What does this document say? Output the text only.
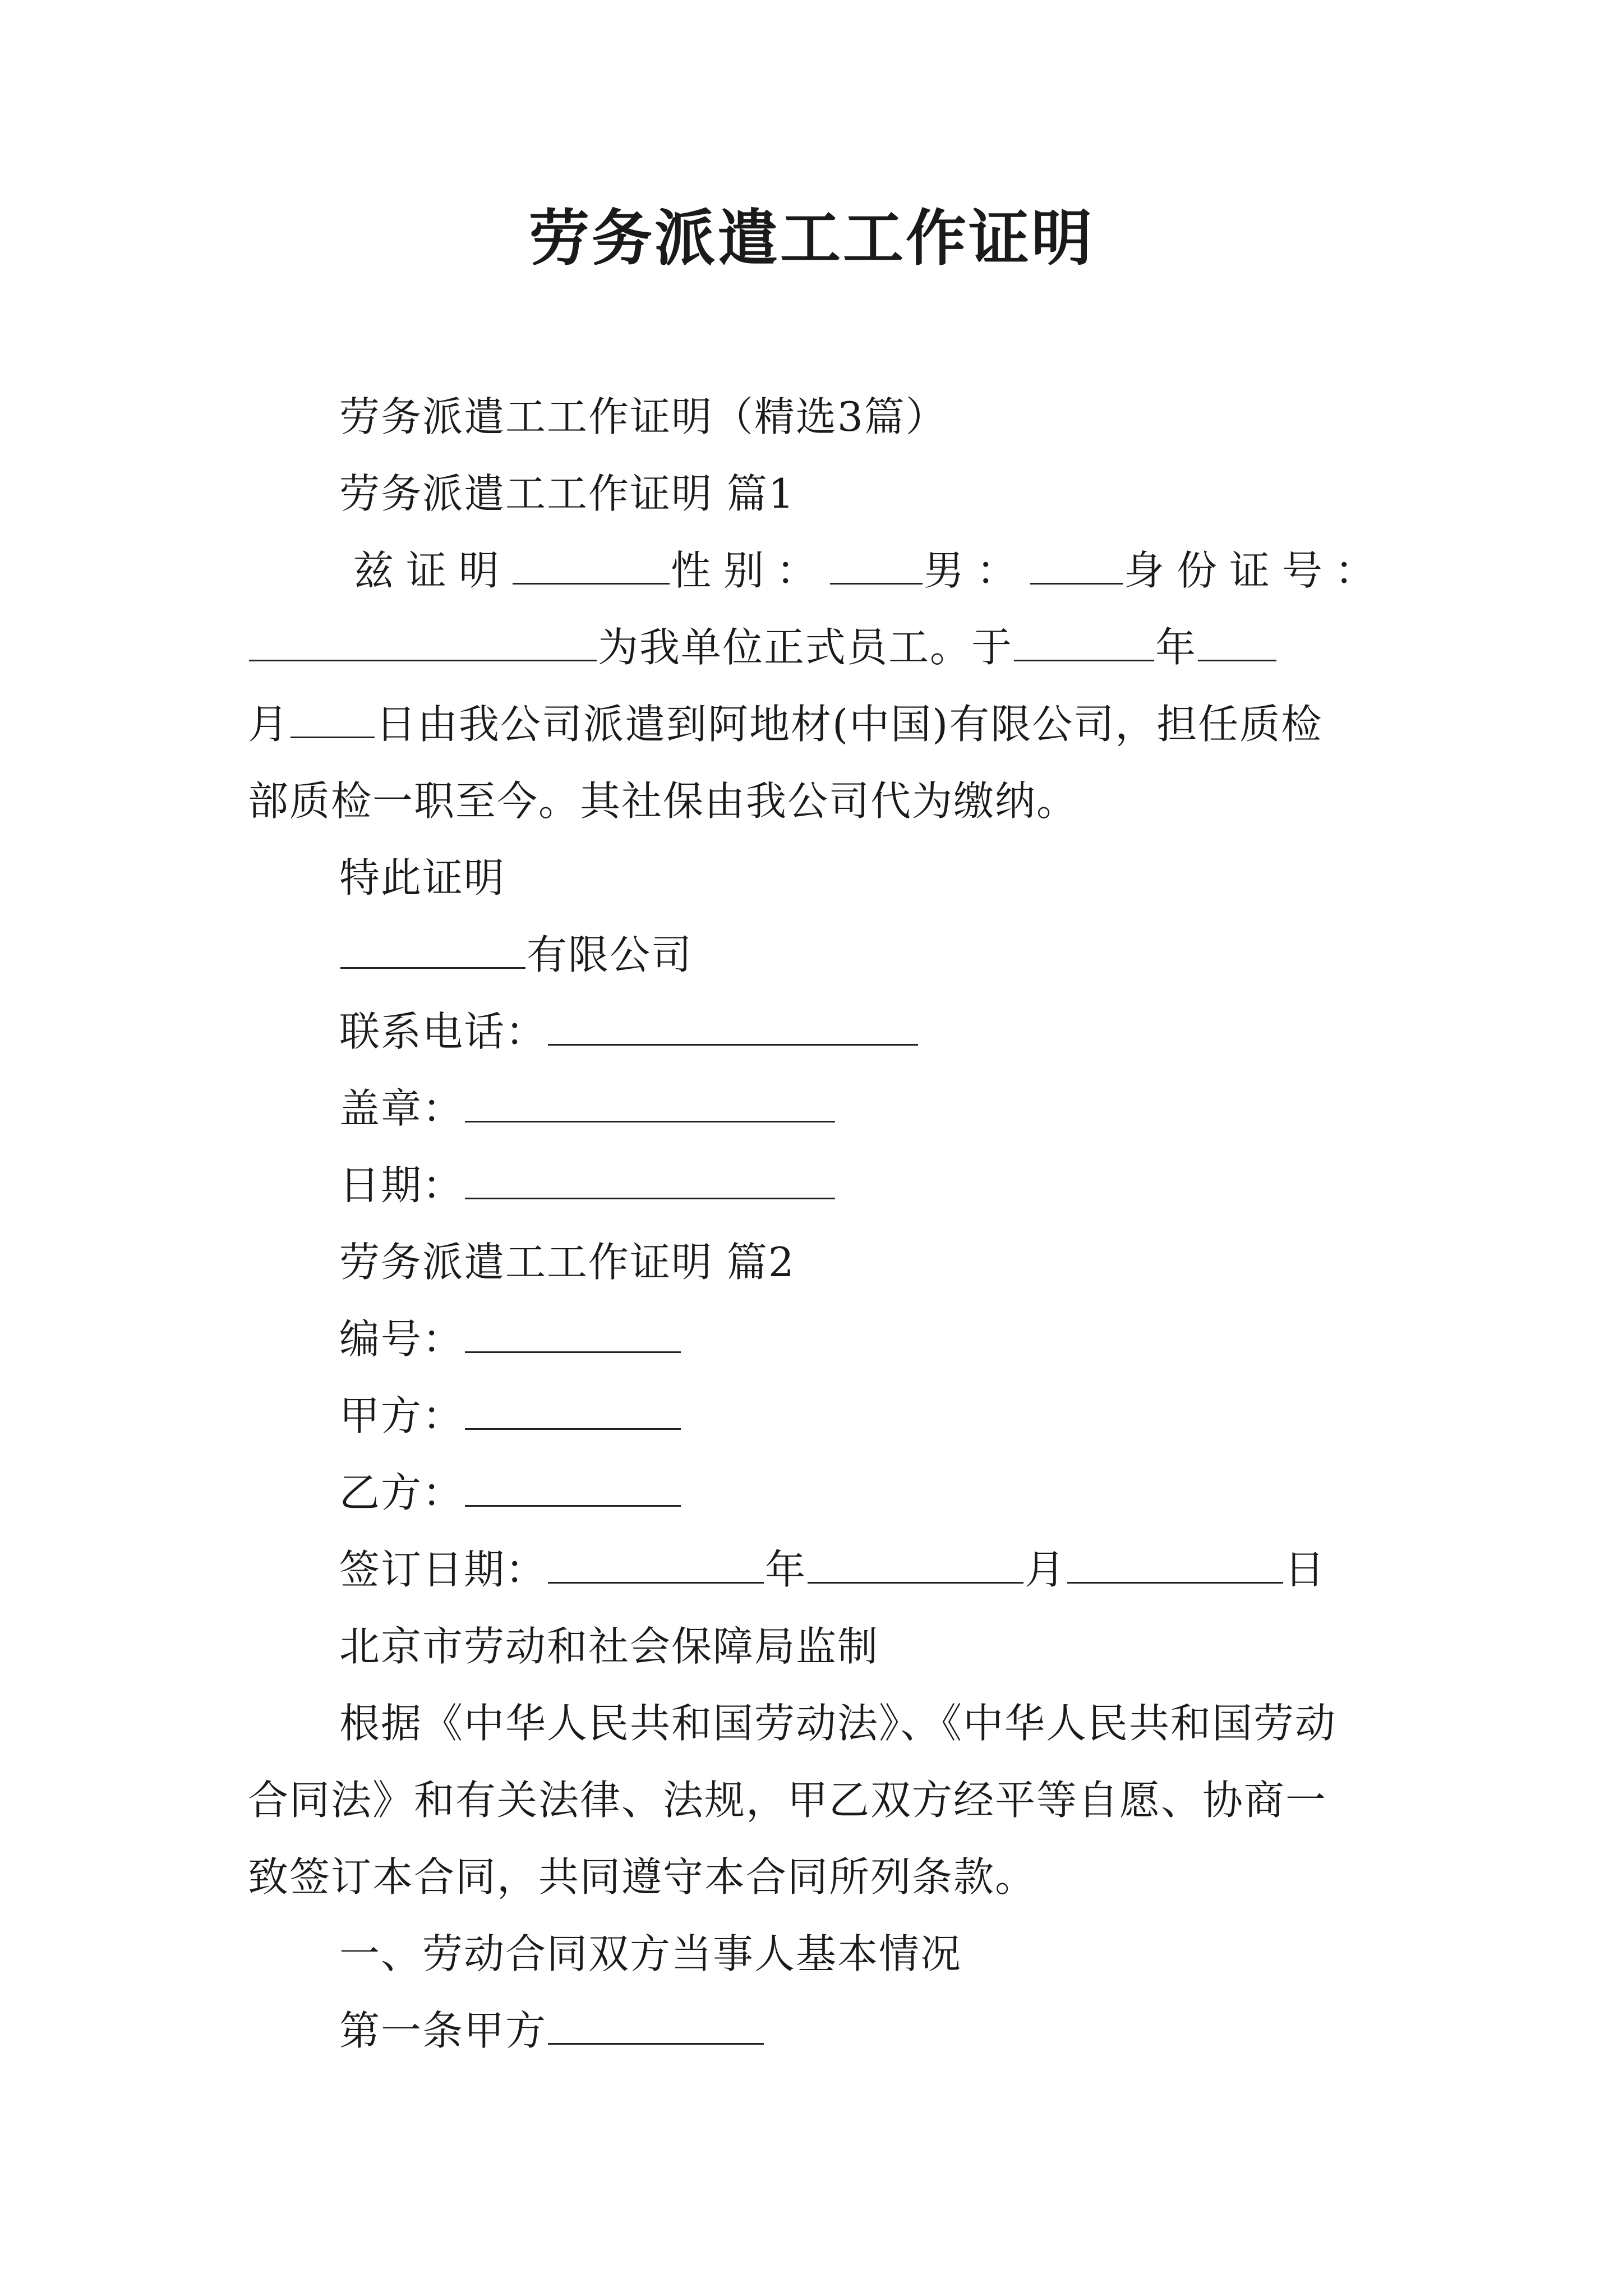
劳务派遣工工作证明
劳务派遣工工作证明（精选3篇）
劳务派遣工工作证明 篇1
兹证明	性别： 男： 身份证号：
为我单位正式员工。于	年
月 日由我公司派遣到阿地材(中国)有限公司，担任质检
部质检一职至今。其社保由我公司代为缴纳。
特此证明
有限公司
联系电话：
盖章：
日期：
劳务派遣工工作证明 篇2
编号：
甲方：
乙方：
签订日期：	年	月	日
北京市劳动和社会保障局监制
根据《中华人民共和国劳动法》、《中华人民共和国劳动
合同法》和有关法律、法规，甲乙双方经平等自愿、协商一
致签订本合同，共同遵守本合同所列条款。
一、劳动合同双方当事人基本情况
第一条甲方
